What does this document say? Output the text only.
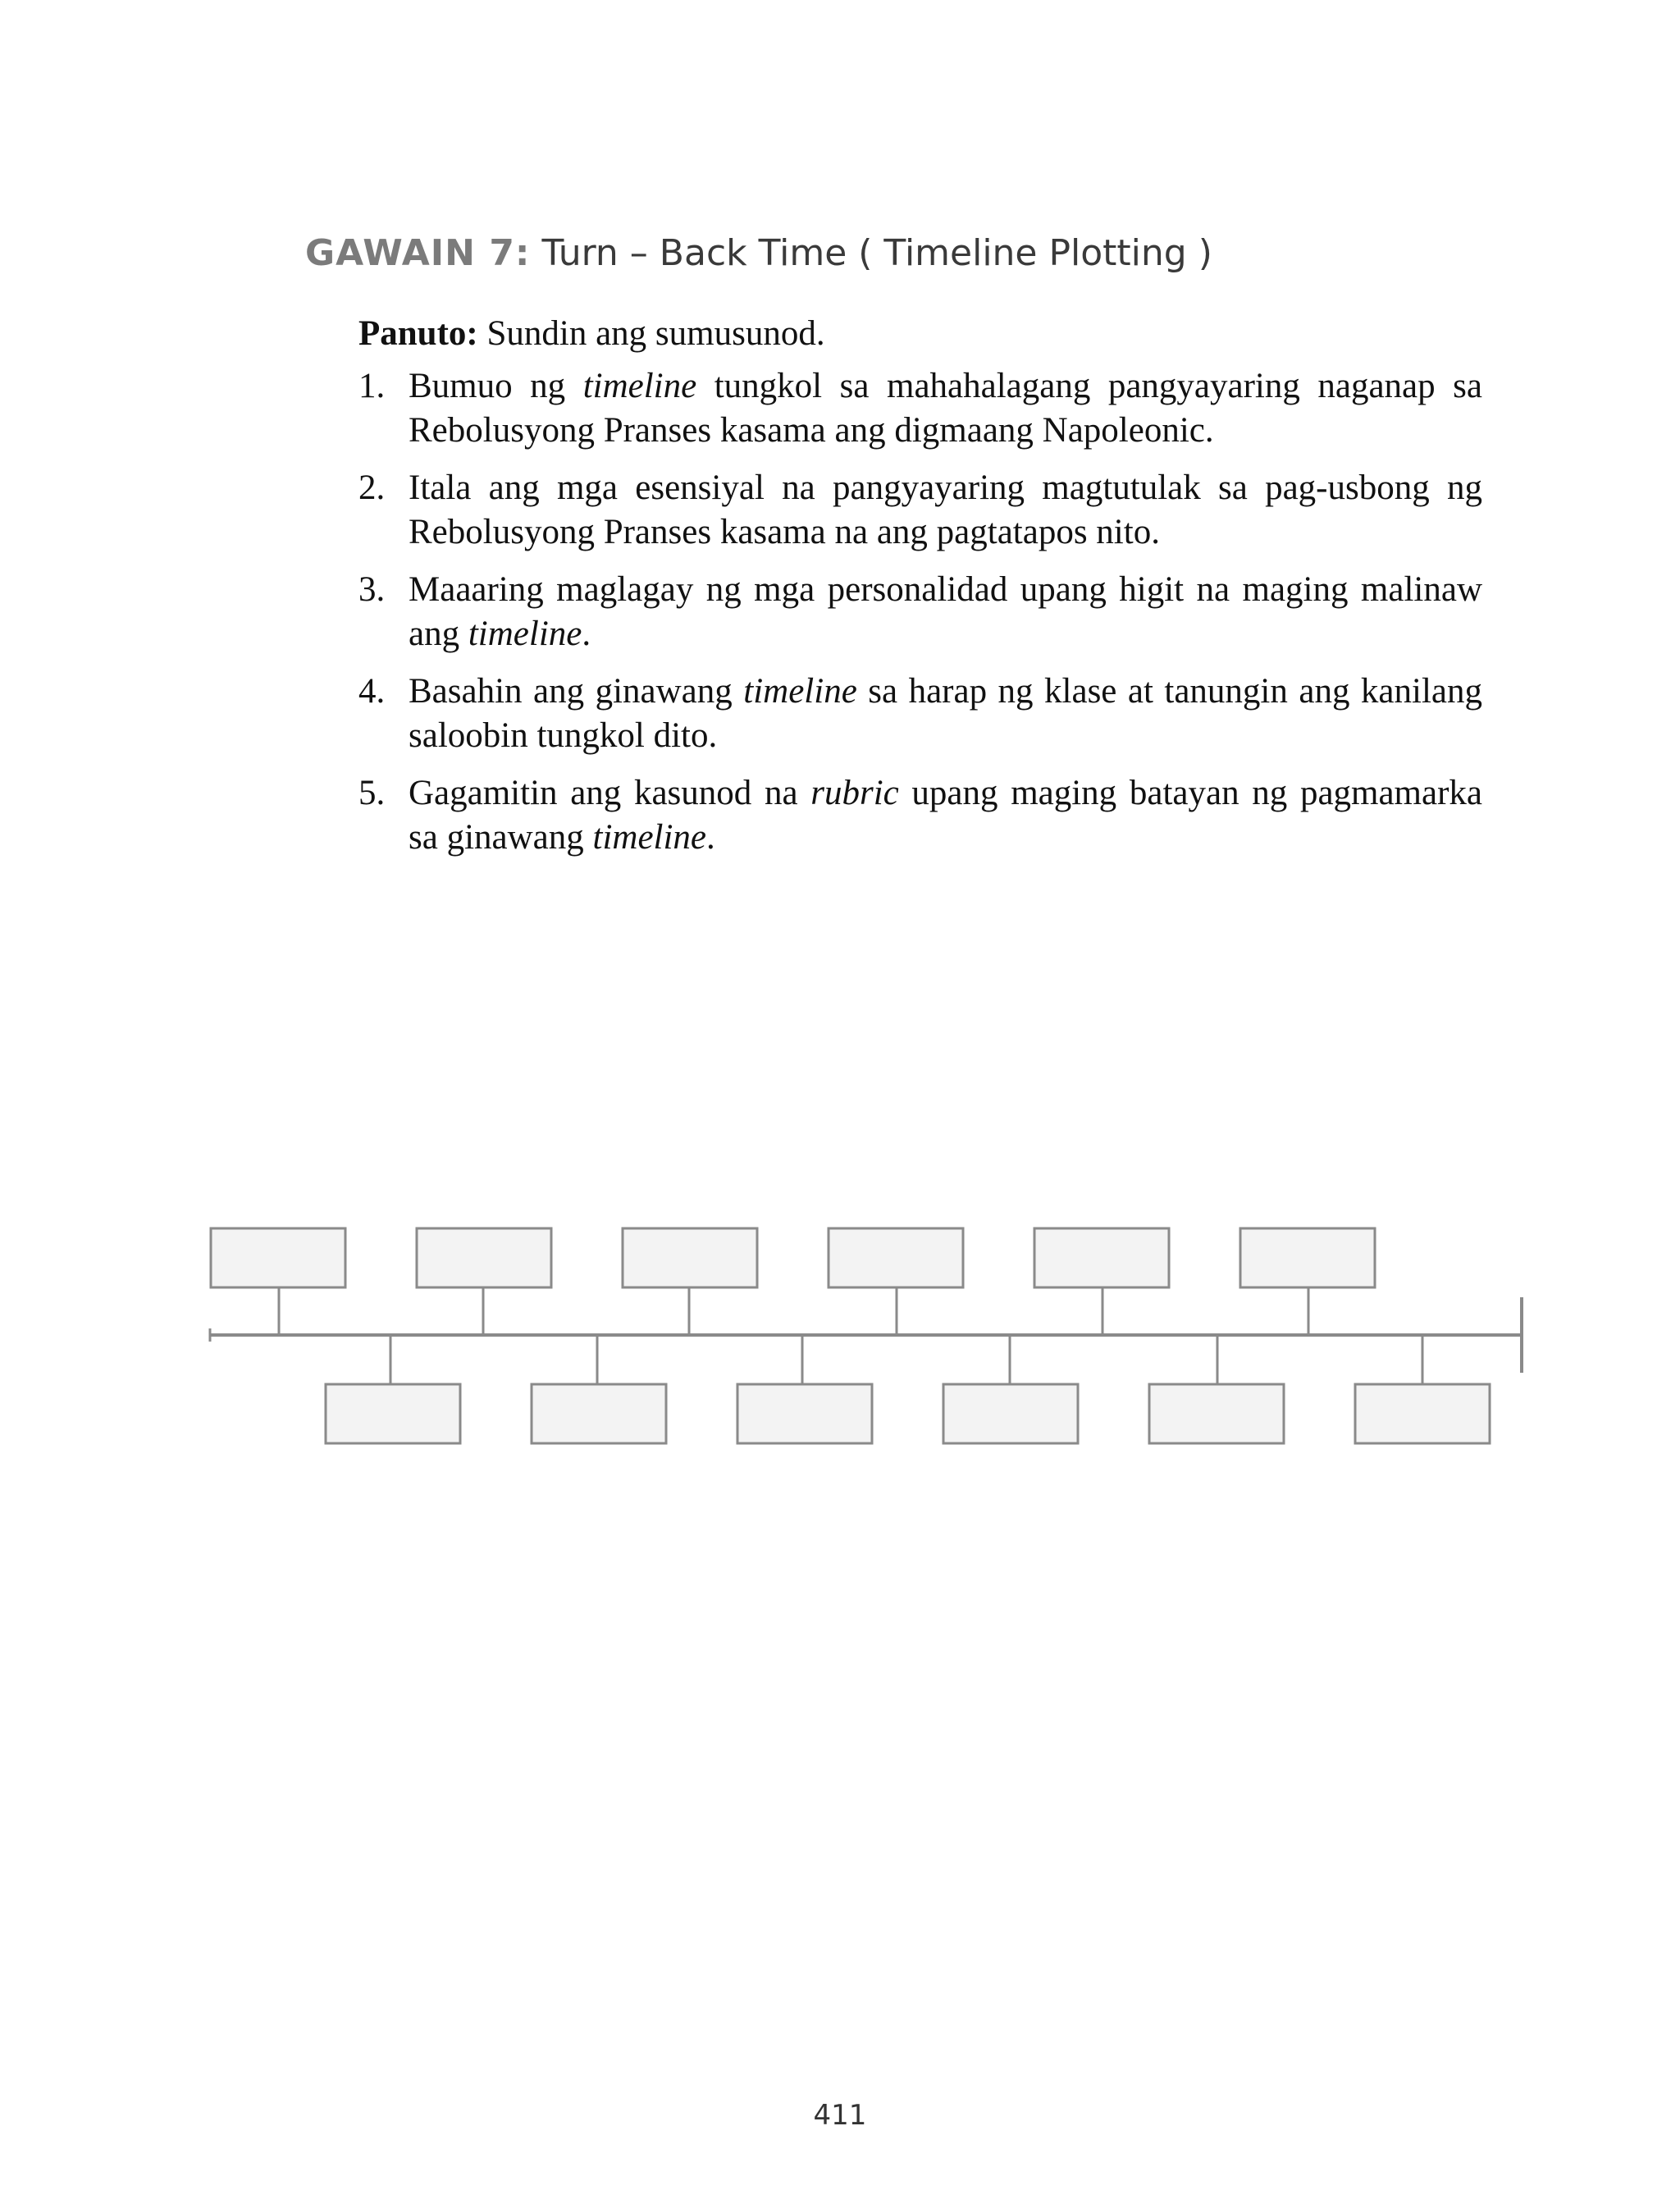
GAWAIN 7: Turn – Back Time ( Timeline Plotting )

Panuto: Sundin ang sumusunod.

1. Bumuo ng timeline tungkol sa mahahalagang pangyayaring naganap sa Rebolusyong Pranses kasama ang digmaang Napoleonic.
2. Itala ang mga esensiyal na pangyayaring magtutulak sa pag-usbong ng Rebolusyong Pranses kasama na ang pagtatapos nito.
3. Maaaring maglagay ng mga personalidad upang higit na maging malinaw ang timeline.
4. Basahin ang ginawang timeline sa harap ng klase at tanungin ang kanilang saloobin tungkol dito.
5. Gagamitin ang kasunod na rubric upang maging batayan ng pagmamarka sa ginawang timeline.
411
